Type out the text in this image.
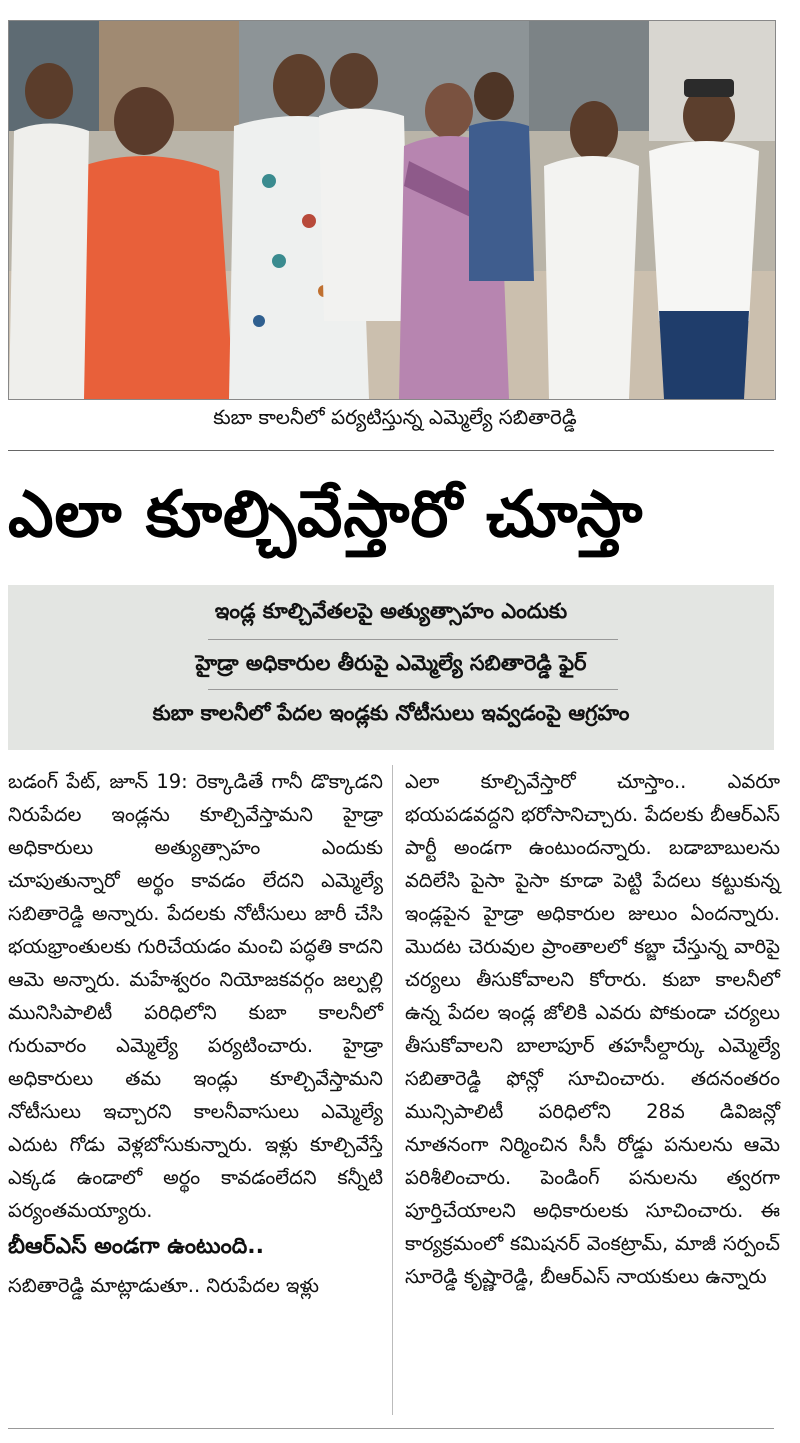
కుబా కాలనీలో పర్యటిస్తున్న ఎమ్మెల్యే సబితారెడ్డి
ఎలా కూల్చివేస్తారో చూస్తా
ఇండ్ల కూల్చివేతలపై అత్యుత్సాహం ఎందుకు
హైడ్రా అధికారుల తీరుపై ఎమ్మెల్యే సబితారెడ్డి ఫైర్
కుబా కాలనీలో పేదల ఇండ్లకు నోటీసులు ఇవ్వడంపై ఆగ్రహం

బడంగ్ పేట్, జూన్ 19: రెక్కాడితే గానీ డొక్కాడని నిరుపేదల ఇండ్లను కూల్చివేస్తామని హైడ్రా అధికారులు అత్యుత్సాహం ఎందుకు చూపుతున్నారో అర్థం కావడం లేదని ఎమ్మెల్యే సబితారెడ్డి అన్నారు. పేదలకు నోటీసులు జారీ చేసి భయభ్రాంతులకు గురిచేయడం మంచి పద్ధతి కాదని ఆమె అన్నారు. మహేశ్వరం నియోజకవర్గం జల్పల్లి మునిసిపాలిటీ పరిధిలోని కుబా కాలనీలో గురువారం ఎమ్మెల్యే పర్యటించారు. హైడ్రా అధికారులు తమ ఇండ్లు కూల్చివేస్తామని నోటీసులు ఇచ్చారని కాలనీవాసులు ఎమ్మెల్యే ఎదుట గోడు వెళ్లబోసుకున్నారు. ఇళ్లు కూల్చివేస్తే ఎక్కడ ఉండాలో అర్థం కావడంలేదని కన్నీటి పర్యంతమయ్యారు.

బీఆర్ఎస్ అండగా ఉంటుంది..

సబితారెడ్డి మాట్లాడుతూ.. నిరుపేదల ఇళ్లు

ఎలా కూల్చివేస్తారో చూస్తాం.. ఎవరూ భయపడవద్దని భరోసానిచ్చారు. పేదలకు బీఆర్ఎస్ పార్టీ అండగా ఉంటుందన్నారు. బడాబాబులను వదిలేసి పైసా పైసా కూడా పెట్టి పేదలు కట్టుకున్న ఇండ్లపైన హైడ్రా అధికారుల జులుం ఏందన్నారు. మొదట చెరువుల ప్రాంతాలలో కబ్జా చేస్తున్న వారిపై చర్యలు తీసుకోవాలని కోరారు. కుబా కాలనీలో ఉన్న పేదల ఇండ్ల జోలికి ఎవరు పోకుండా చర్యలు తీసుకోవాలని బాలాపూర్ తహసీల్దార్కు ఎమ్మెల్యే సబితారెడ్డి ఫోన్లో సూచించారు. తదనంతరం మున్సిపాలిటీ పరిధిలోని 28వ డివిజన్లో నూతనంగా నిర్మించిన సీసీ రోడ్డు పనులను ఆమె పరిశీలించారు. పెండింగ్ పనులను త్వరగా పూర్తిచేయాలని అధికారులకు సూచించారు. ఈ కార్యక్రమంలో కమిషనర్ వెంకట్రామ్, మాజీ సర్పంచ్ సూరెడ్డి కృష్ణారెడ్డి, బీఆర్ఎస్ నాయకులు ఉన్నారు
